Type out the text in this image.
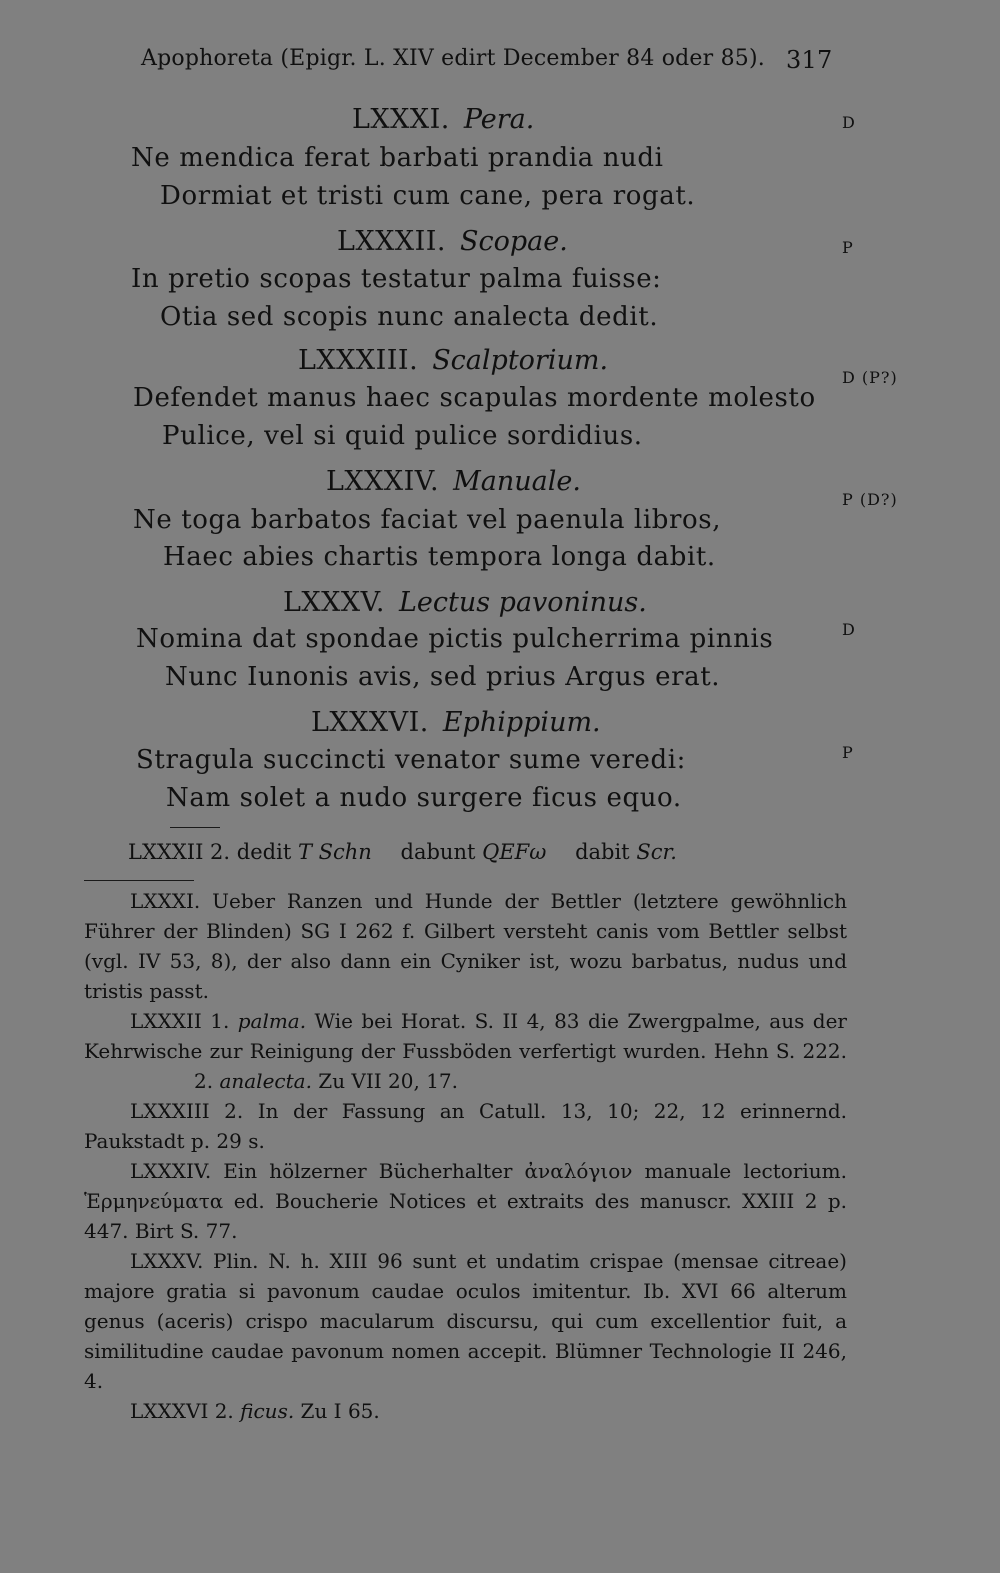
Apophoreta (Epigr. L. XIV edirt December 84 oder 85). 317
LXXXI. Pera.	D
Ne mendica ferat barbati prandia nudi
Dormiat et tristi cum cane, pera rogat.
LXXXII. Scopae.	P
In pretio scopas testatur palma fuisse:
Otia sed scopis nunc analecta dedit.
LXXXIII. Scalptorium.
D (P?)
Defendet manus haec scapulas mordente molesto
Pulice, vel si quid pulice sordidius.
LXXXIV. Manuale.
P (D?)
Ne toga barbatos faciat vel paenula libros,
Haec abies chartis tempora longa dabit.
LXXXV. Lectus pavoninus.
D
Nomina dat spondae pictis pulcherrima pinnis
Nunc Iunonis avis, sed prius Argus erat.
LXXXVI. Ephippium.
P
Stragula succincti venator sume veredi:
Nam solet a nudo surgere ficus equo.
LXXXII 2. dedit T Schn dabunt QEFω dabit Scr.

LXXXI. Ueber Ranzen und Hunde der Bettler (letztere gewöhnlich Führer der Blinden) SG I 262 f. Gilbert versteht canis vom Bettler selbst (vgl. IV 53, 8), der also dann ein Cyniker ist, wozu barbatus, nudus und tristis passt.

LXXXII 1. palma. Wie bei Horat. S. II 4, 83 die Zwergpalme, aus der Kehrwische zur Reinigung der Fussböden verfertigt wurden. Hehn S. 222.2. analecta. Zu VII 20, 17.

LXXXIII 2. In der Fassung an Catull. 13, 10; 22, 12 erinnernd. Paukstadt p. 29 s.

LXXXIV. Ein hölzerner Bücherhalter ἀναλόγιον manuale lectorium. Ἑρμηνεύματα ed. Boucherie Notices et extraits des manuscr. XXIII 2 p. 447. Birt S. 77.

LXXXV. Plin. N. h. XIII 96 sunt et undatim crispae (mensae citreae) majore gratia si pavonum caudae oculos imitentur. Ib. XVI 66 alterum genus (aceris) crispo macularum discursu, qui cum excellentior fuit, a similitudine caudae pavonum nomen accepit. Blümner Technologie II 246, 4.

LXXXVI 2. ficus. Zu I 65.
